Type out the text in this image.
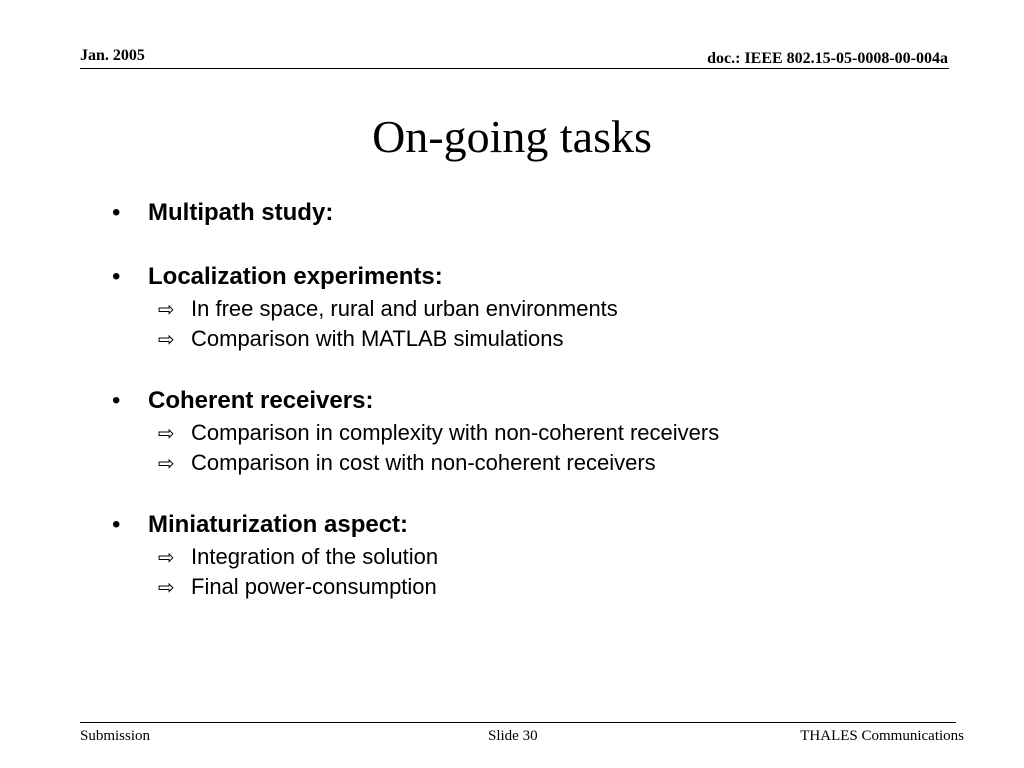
Jan. 2005	doc.: IEEE 802.15-05-0008-00-004a
On-going tasks
• Multipath study:
• Localization experiments:
⇨ In free space, rural and urban environments
⇨ Comparison with MATLAB simulations
• Coherent receivers:
⇨ Comparison in complexity with non-coherent receivers
⇨ Comparison in cost with non-coherent receivers
• Miniaturization aspect:
⇨ Integration of the solution
⇨ Final power-consumption
Submission	Slide 30	THALES Communications
